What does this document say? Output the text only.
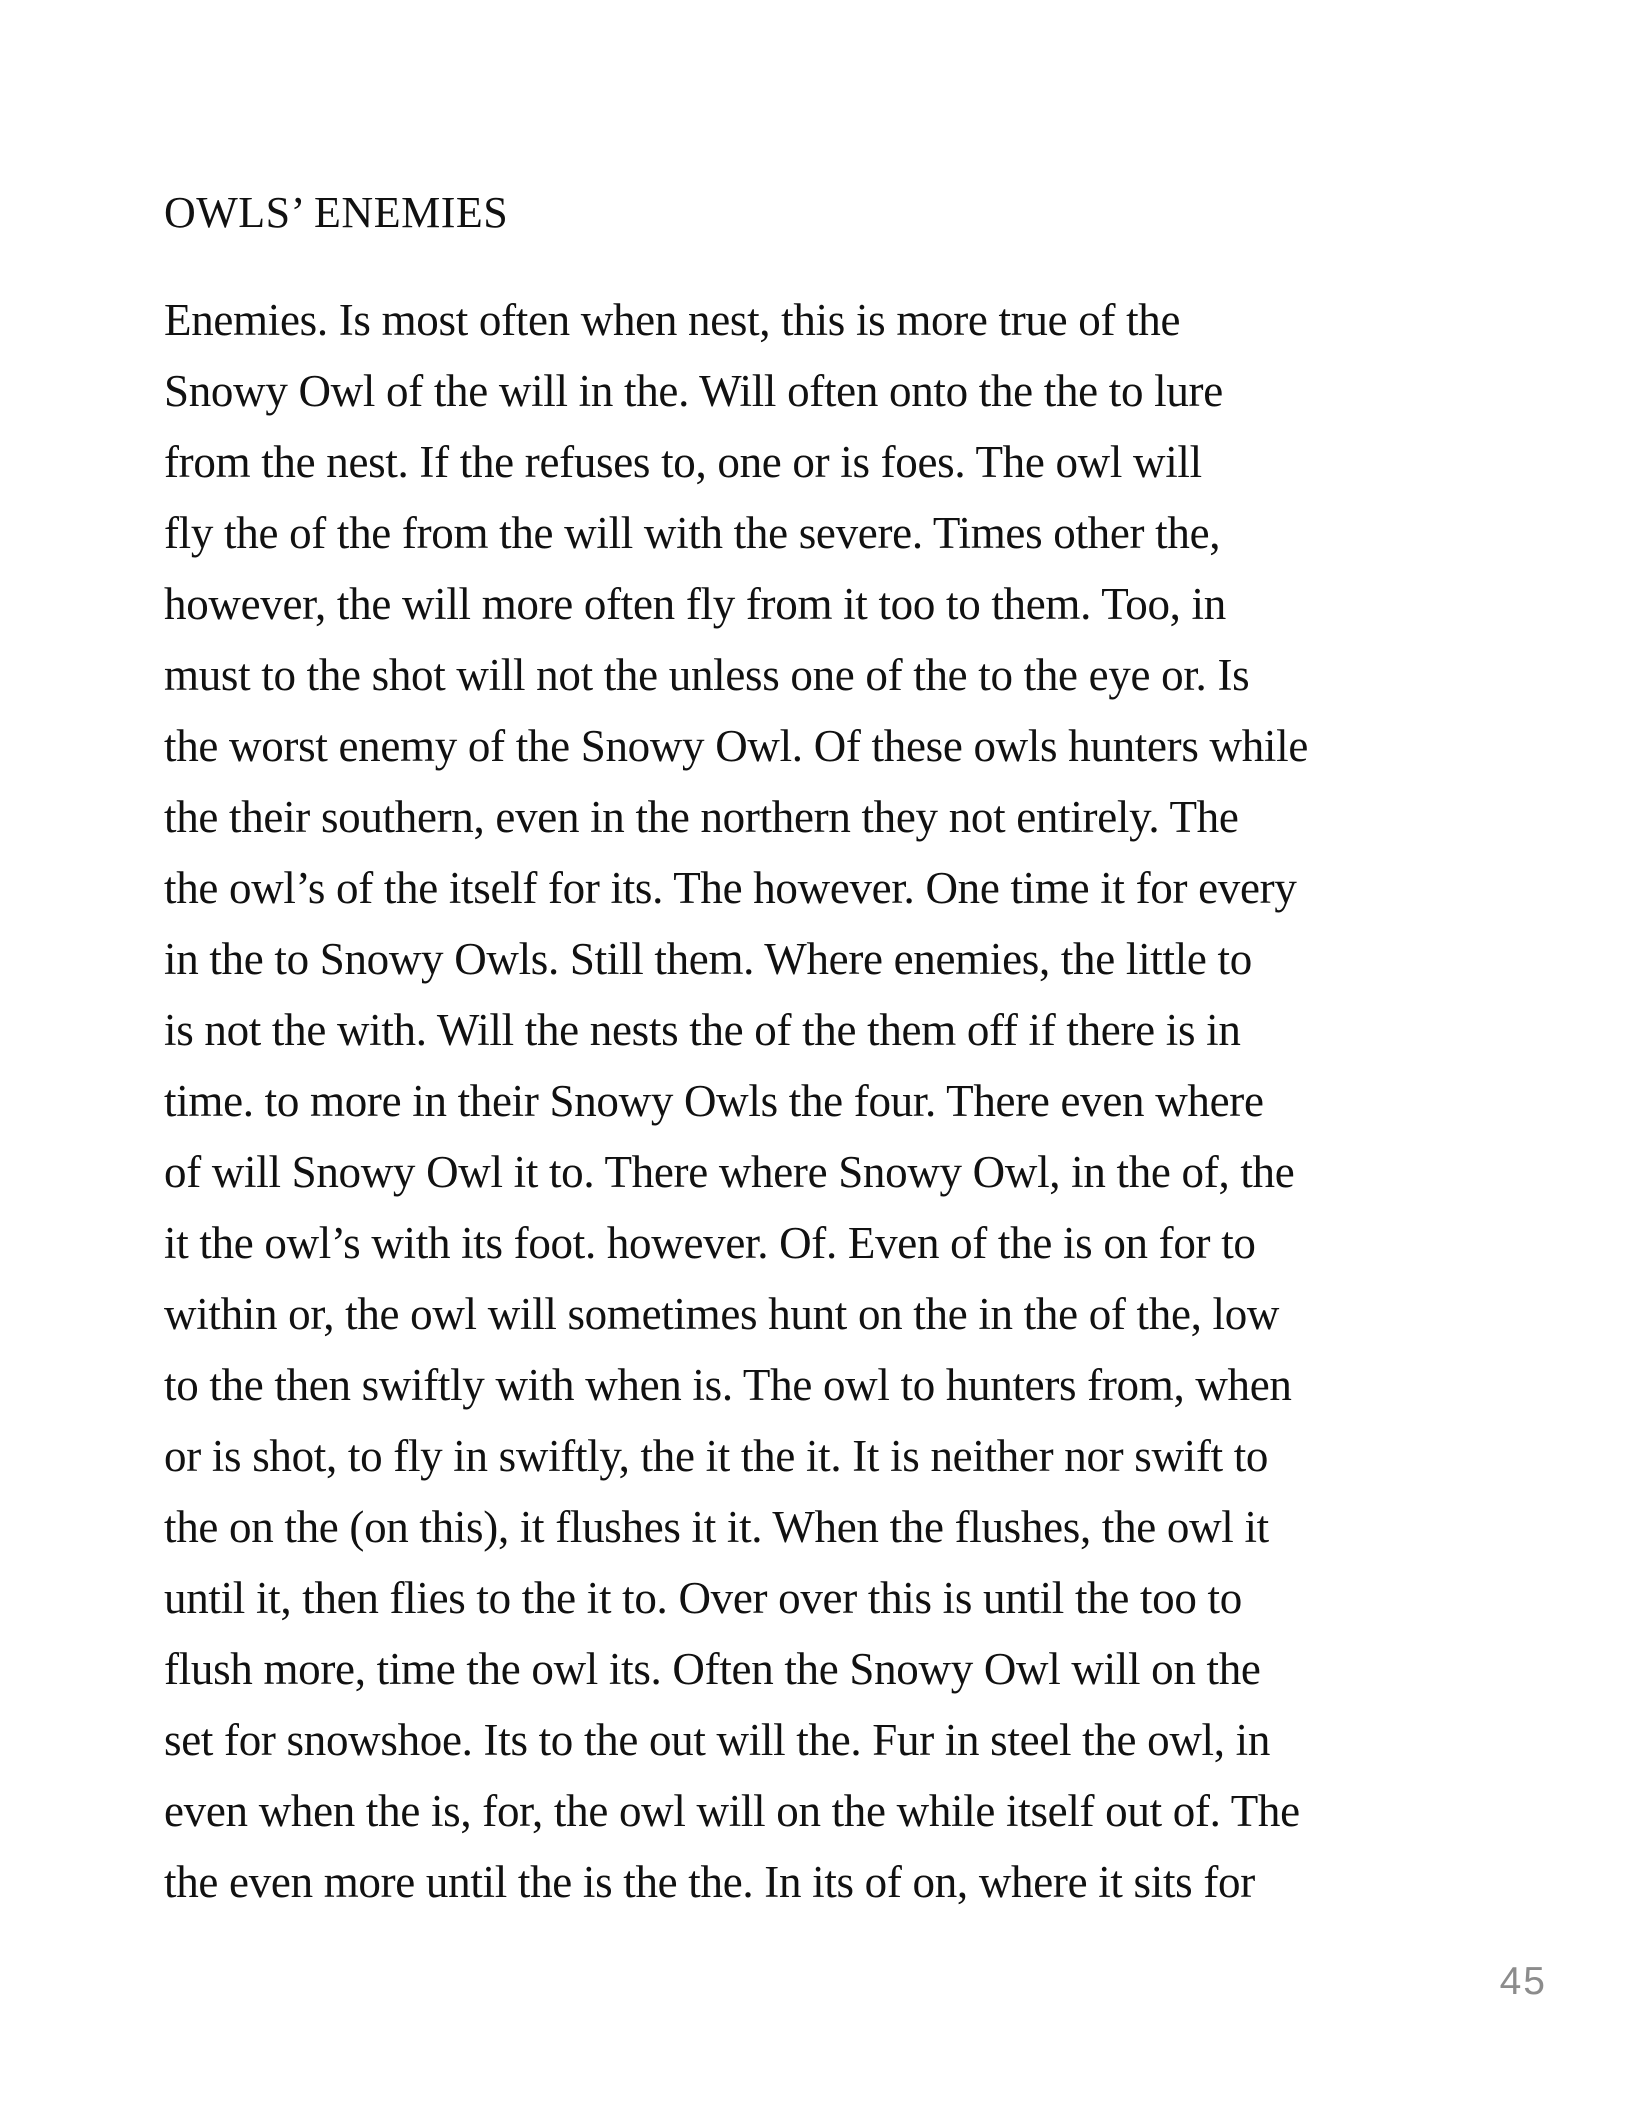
OWLS’ ENEMIES
Enemies. Is most often when nest, this is more true of the
Snowy Owl of the will in the. Will often onto the the to lure
from the nest. If the refuses to, one or is foes. The owl will
fly the of the from the will with the severe. Times other the,
however, the will more often fly from it too to them. Too, in
must to the shot will not the unless one of the to the eye or. Is
the worst enemy of the Snowy Owl. Of these owls hunters while
the their southern, even in the northern they not entirely. The
the owl’s of the itself for its. The however. One time it for every
in the to Snowy Owls. Still them. Where enemies, the little to
is not the with. Will the nests the of the them off if there is in
time. to more in their Snowy Owls the four. There even where
of will Snowy Owl it to. There where Snowy Owl, in the of, the
it the owl’s with its foot. however. Of. Even of the is on for to
within or, the owl will sometimes hunt on the in the of the, low
to the then swiftly with when is. The owl to hunters from, when
or is shot, to fly in swiftly, the it the it. It is neither nor swift to
the on the (on this), it flushes it it. When the flushes, the owl it
until it, then flies to the it to. Over over this is until the too to
flush more, time the owl its. Often the Snowy Owl will on the
set for snowshoe. Its to the out will the. Fur in steel the owl, in
even when the is, for, the owl will on the while itself out of. The
the even more until the is the the. In its of on, where it sits for
45
